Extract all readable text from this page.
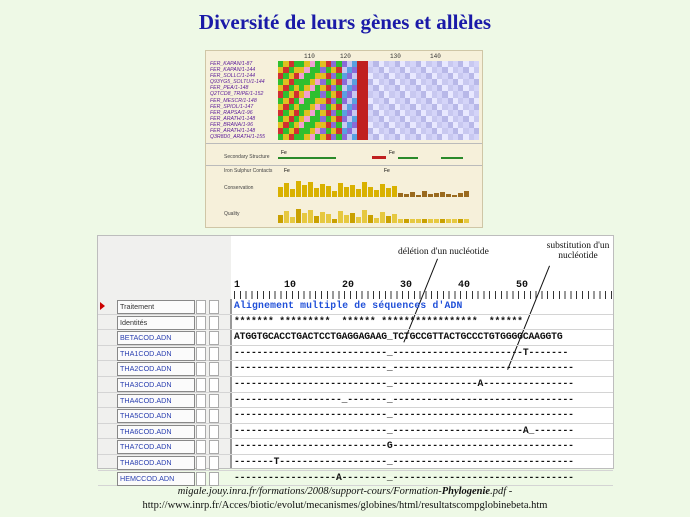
Diversité de leurs gènes et allèles
110	120	130	140
FER_KAPAN/1-87
FER_KAPAN/1-144
FER_SOLLC/1-144
Q93YG5_SOLTU/1-144
FER_PEA/1-148
Q2TCD8_TRIPE/1-152
FER_MESCR/1-148
FER_SPIOL/1-147
FER_RAPSA/1-96
FER_ARATH/1-148
FER_BRANA/1-96
FER_ARATH/1-148
Q3R8D0_ARATH/1-155
Secondary Structure
Fe	Fe
Iron Sulphur Contacts Fe	Fe
Conservation
Quality
délétion d'un nucléotide
substitution d'un nucléotide
1	10	20	30	40	50
Traitement	Alignement multiple de séquences d'ADN
Identités	******* *********  ****** *****************  ******
BETACOD.ADN	ATGGTGCACCTGACTCCTGAGGAGAAG_TCTGCCGTTACTGCCCTGTGGGGCAAGGTG
THA1COD.ADN	---------------------------_-----------------------T-------
THA2COD.ADN	---------------------------_--------------------------------
THA3COD.ADN	---------------------------_---------------A----------------
THA4COD.ADN	-------------------_-------_--------------------------------
THA5COD.ADN	---------------------------_--------------------------------
THA6COD.ADN	---------------------------_-----------------------A_-------
THA7COD.ADN	---------------------------G--------------------------------
THA8COD.ADN	-------T-------------------_--------------------------------
HEMCCOD.ADN	------------------A--------_--------------------------------
migale.jouy.inra.fr/formations/2008/support-cours/Formation-Phylogenie.pdf -
http://www.inrp.fr/Acces/biotic/evolut/mecanismes/globines/html/resultatscompglobinebeta.htm
